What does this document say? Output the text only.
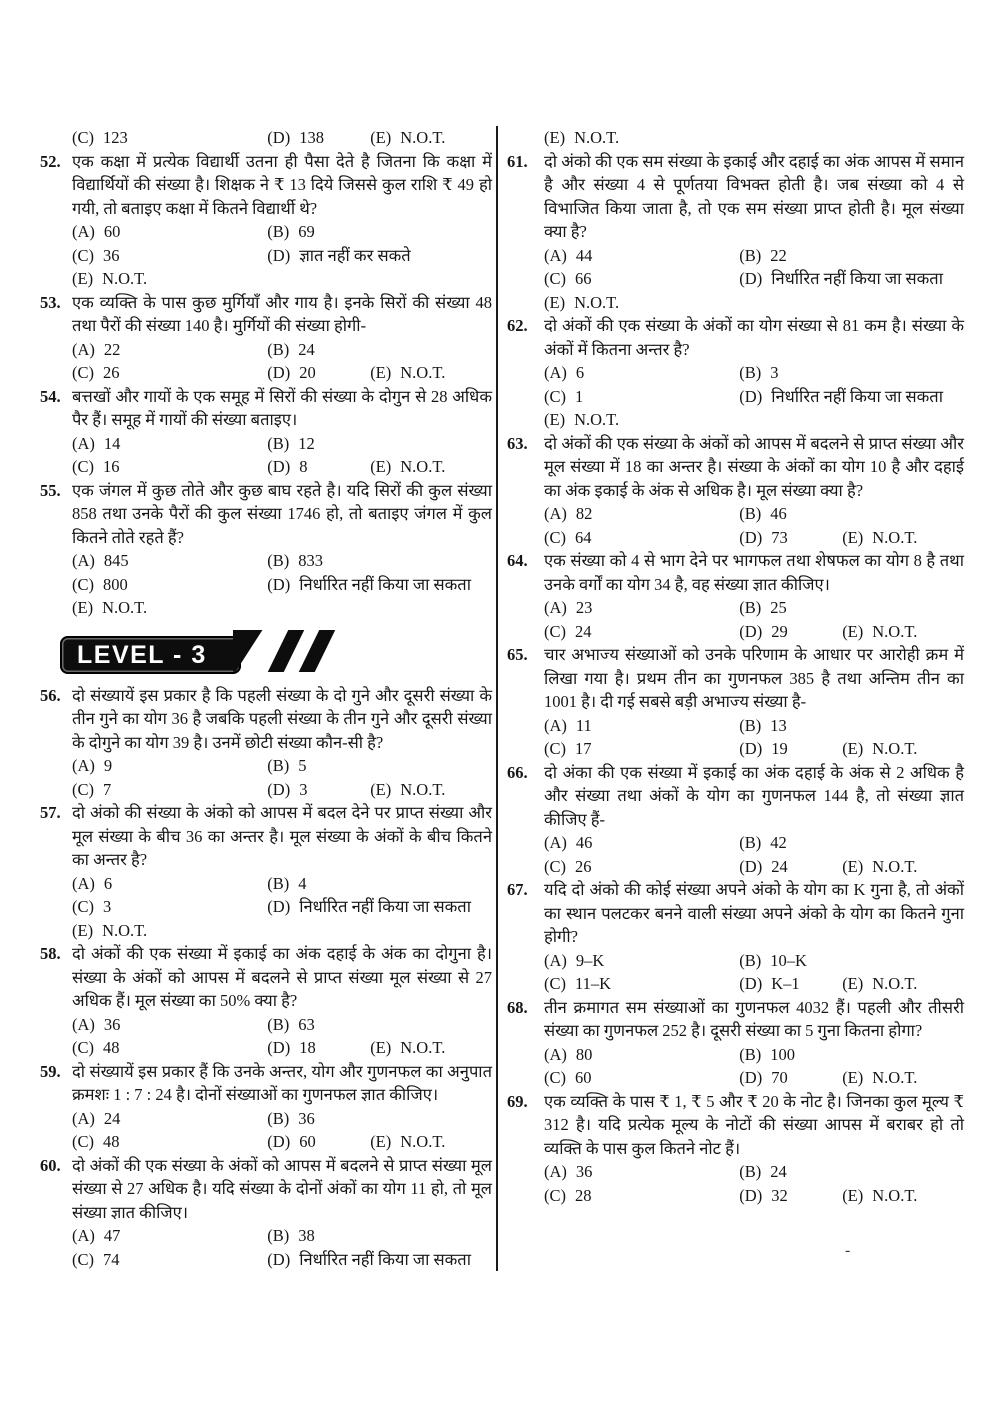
(C) 123	(D) 138	(E) N.O.T.
52. एक कक्षा में प्रत्येक विद्यार्थी उतना ही पैसा देते है जितना कि कक्षा में विद्यार्थियों की संख्या है। शिक्षक ने ₹ 13 दिये जिससे कुल राशि ₹ 49 हो गयी, तो बताइए कक्षा में कितने विद्यार्थी थे?
(A) 60	(B) 69
(C) 36	(D) ज्ञात नहीं कर सकते
(E) N.O.T.
53. एक व्यक्ति के पास कुछ मुर्गियाँ और गाय है। इनके सिरों की संख्या 48 तथा पैरों की संख्या 140 है। मुर्गियों की संख्या होगी-
(A) 22	(B) 24
(C) 26	(D) 20	(E) N.O.T.
54. बत्तखों और गायों के एक समूह में सिरों की संख्या के दोगुन से 28 अधिक पैर हैं। समूह में गायों की संख्या बताइए।
(A) 14	(B) 12
(C) 16	(D) 8	(E) N.O.T.
55. एक जंगल में कुछ तोते और कुछ बाघ रहते है। यदि सिरों की कुल संख्या 858 तथा उनके पैरों की कुल संख्या 1746 हो, तो बताइए जंगल में कुल कितने तोते रहते हैं?
(A) 845	(B) 833
(C) 800	(D) निर्धारित नहीं किया जा सकता
(E) N.O.T.
LEVEL - 3
56. दो संख्यायें इस प्रकार है कि पहली संख्या के दो गुने और दूसरी संख्या के तीन गुने का योग 36 है जबकि पहली संख्या के तीन गुने और दूसरी संख्या के दोगुने का योग 39 है। उनमें छोटी संख्या कौन-सी है?
(A) 9	(B) 5
(C) 7	(D) 3	(E) N.O.T.
57. दो अंको की संख्या के अंको को आपस में बदल देने पर प्राप्त संख्या और मूल संख्या के बीच 36 का अन्तर है। मूल संख्या के अंकों के बीच कितने का अन्तर है?
(A) 6	(B) 4
(C) 3	(D) निर्धारित नहीं किया जा सकता
(E) N.O.T.
58. दो अंकों की एक संख्या में इकाई का अंक दहाई के अंक का दोगुना है। संख्या के अंकों को आपस में बदलने से प्राप्त संख्या मूल संख्या से 27 अधिक हैं। मूल संख्या का 50% क्या है?
(A) 36	(B) 63
(C) 48	(D) 18	(E) N.O.T.
59. दो संख्यायें इस प्रकार हैं कि उनके अन्तर, योग और गुणनफल का अनुपात क्रमशः 1 : 7 : 24 है। दोनों संख्याओं का गुणनफल ज्ञात कीजिए।
(A) 24	(B) 36
(C) 48	(D) 60	(E) N.O.T.
60. दो अंकों की एक संख्या के अंकों को आपस में बदलने से प्राप्त संख्या मूल संख्या से 27 अधिक है। यदि संख्या के दोनों अंकों का योग 11 हो, तो मूल संख्या ज्ञात कीजिए।
(A) 47	(B) 38
(C) 74	(D) निर्धारित नहीं किया जा सकता
(E) N.O.T.
61. दो अंको की एक सम संख्या के इकाई और दहाई का अंक आपस में समान है और संख्या 4 से पूर्णतया विभक्त होती है। जब संख्या को 4 से विभाजित किया जाता है, तो एक सम संख्या प्राप्त होती है। मूल संख्या क्या है?
(A) 44	(B) 22
(C) 66	(D) निर्धारित नहीं किया जा सकता
(E) N.O.T.
62. दो अंकों की एक संख्या के अंकों का योग संख्या से 81 कम है। संख्या के अंकों में कितना अन्तर है?
(A) 6	(B) 3
(C) 1	(D) निर्धारित नहीं किया जा सकता
(E) N.O.T.
63. दो अंकों की एक संख्या के अंकों को आपस में बदलने से प्राप्त संख्या और मूल संख्या में 18 का अन्तर है। संख्या के अंकों का योग 10 है और दहाई का अंक इकाई के अंक से अधिक है। मूल संख्या क्या है?
(A) 82	(B) 46
(C) 64	(D) 73	(E) N.O.T.
64. एक संख्या को 4 से भाग देने पर भागफल तथा शेषफल का योग 8 है तथा उनके वर्गों का योग 34 है, वह संख्या ज्ञात कीजिए।
(A) 23	(B) 25
(C) 24	(D) 29	(E) N.O.T.
65. चार अभाज्य संख्याओं को उनके परिणाम के आधार पर आरोही क्रम में लिखा गया है। प्रथम तीन का गुणनफल 385 है तथा अन्तिम तीन का 1001 है। दी गई सबसे बड़ी अभाज्य संख्या है-
(A) 11	(B) 13
(C) 17	(D) 19	(E) N.O.T.
66. दो अंका की एक संख्या में इकाई का अंक दहाई के अंक से 2 अधिक है और संख्या तथा अंकों के योग का गुणनफल 144 है, तो संख्या ज्ञात कीजिए हैं-
(A) 46	(B) 42
(C) 26	(D) 24	(E) N.O.T.
67. यदि दो अंको की कोई संख्या अपने अंको के योग का K गुना है, तो अंकों का स्थान पलटकर बनने वाली संख्या अपने अंको के योग का कितने गुना होगी?
(A) 9–K	(B) 10–K
(C) 11–K	(D) K–1	(E) N.O.T.
68. तीन क्रमागत सम संख्याओं का गुणनफल 4032 हैं। पहली और तीसरी संख्या का गुणनफल 252 है। दूसरी संख्या का 5 गुना कितना होगा?
(A) 80	(B) 100
(C) 60	(D) 70	(E) N.O.T.
69. एक व्यक्ति के पास ₹ 1, ₹ 5 और ₹ 20 के नोट है। जिनका कुल मूल्य ₹ 312 है। यदि प्रत्येक मूल्य के नोटों की संख्या आपस में बराबर हो तो व्यक्ति के पास कुल कितने नोट हैं।
(A) 36	(B) 24
(C) 28	(D) 32	(E) N.O.T.
-
